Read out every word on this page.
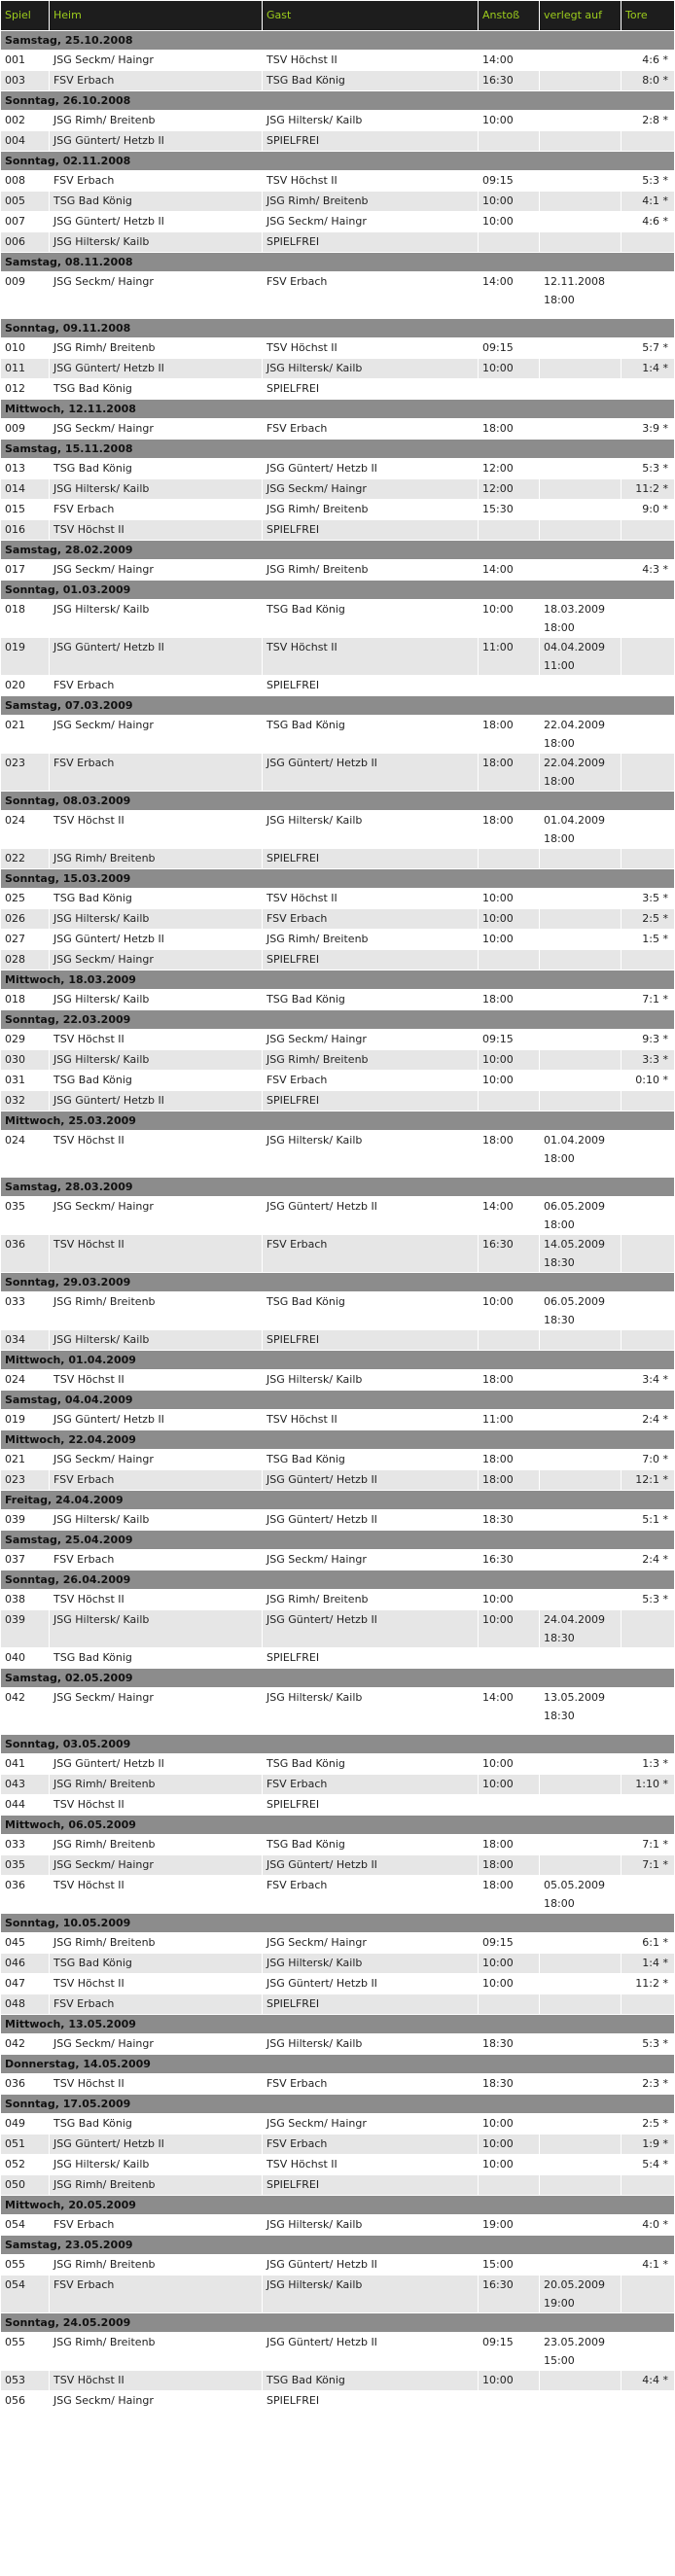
Spiel	Heim	Gast	Anstoß	verlegt auf	Tore
Samstag, 25.10.2008					
001	JSG Seckm/ Haingr	TSV Höchst II	14:00		4:6 *
003	FSV Erbach	TSG Bad König	16:30		8:0 *
Sonntag, 26.10.2008					
002	JSG Rimh/ Breitenb	JSG Hiltersk/ Kailb	10:00		2:8 *
004	JSG Güntert/ Hetzb II	SPIELFREI			
Sonntag, 02.11.2008					
008	FSV Erbach	TSV Höchst II	09:15		5:3 *
005	TSG Bad König	JSG Rimh/ Breitenb	10:00		4:1 *
007	JSG Güntert/ Hetzb II	JSG Seckm/ Haingr	10:00		4:6 *
006	JSG Hiltersk/ Kailb	SPIELFREI			
Samstag, 08.11.2008					
009	JSG Seckm/ Haingr	FSV Erbach	14:00	12.11.2008 18:00	

Sonntag, 09.11.2008					
010	JSG Rimh/ Breitenb	TSV Höchst II	09:15		5:7 *
011	JSG Güntert/ Hetzb II	JSG Hiltersk/ Kailb	10:00		1:4 *
012	TSG Bad König	SPIELFREI			
Mittwoch, 12.11.2008					
009	JSG Seckm/ Haingr	FSV Erbach	18:00		3:9 *
Samstag, 15.11.2008					
013	TSG Bad König	JSG Güntert/ Hetzb II	12:00		5:3 *
014	JSG Hiltersk/ Kailb	JSG Seckm/ Haingr	12:00		11:2 *
015	FSV Erbach	JSG Rimh/ Breitenb	15:30		9:0 *
016	TSV Höchst II	SPIELFREI			
Samstag, 28.02.2009					
017	JSG Seckm/ Haingr	JSG Rimh/ Breitenb	14:00		4:3 *
Sonntag, 01.03.2009					
018	JSG Hiltersk/ Kailb	TSG Bad König	10:00	18.03.2009 18:00	
019	JSG Güntert/ Hetzb II	TSV Höchst II	11:00	04.04.2009 11:00	
020	FSV Erbach	SPIELFREI			
Samstag, 07.03.2009					
021	JSG Seckm/ Haingr	TSG Bad König	18:00	22.04.2009 18:00	
023	FSV Erbach	JSG Güntert/ Hetzb II	18:00	22.04.2009 18:00	
Sonntag, 08.03.2009					
024	TSV Höchst II	JSG Hiltersk/ Kailb	18:00	01.04.2009 18:00	
022	JSG Rimh/ Breitenb	SPIELFREI			
Sonntag, 15.03.2009					
025	TSG Bad König	TSV Höchst II	10:00		3:5 *
026	JSG Hiltersk/ Kailb	FSV Erbach	10:00		2:5 *
027	JSG Güntert/ Hetzb II	JSG Rimh/ Breitenb	10:00		1:5 *
028	JSG Seckm/ Haingr	SPIELFREI			
Mittwoch, 18.03.2009					
018	JSG Hiltersk/ Kailb	TSG Bad König	18:00		7:1 *
Sonntag, 22.03.2009					
029	TSV Höchst II	JSG Seckm/ Haingr	09:15		9:3 *
030	JSG Hiltersk/ Kailb	JSG Rimh/ Breitenb	10:00		3:3 *
031	TSG Bad König	FSV Erbach	10:00		0:10 *
032	JSG Güntert/ Hetzb II	SPIELFREI			
Mittwoch, 25.03.2009					
024	TSV Höchst II	JSG Hiltersk/ Kailb	18:00	01.04.2009 18:00	

Samstag, 28.03.2009					
035	JSG Seckm/ Haingr	JSG Güntert/ Hetzb II	14:00	06.05.2009 18:00	
036	TSV Höchst II	FSV Erbach	16:30	14.05.2009 18:30	
Sonntag, 29.03.2009					
033	JSG Rimh/ Breitenb	TSG Bad König	10:00	06.05.2009 18:30	
034	JSG Hiltersk/ Kailb	SPIELFREI			
Mittwoch, 01.04.2009					
024	TSV Höchst II	JSG Hiltersk/ Kailb	18:00		3:4 *
Samstag, 04.04.2009					
019	JSG Güntert/ Hetzb II	TSV Höchst II	11:00		2:4 *
Mittwoch, 22.04.2009					
021	JSG Seckm/ Haingr	TSG Bad König	18:00		7:0 *
023	FSV Erbach	JSG Güntert/ Hetzb II	18:00		12:1 *
Freitag, 24.04.2009					
039	JSG Hiltersk/ Kailb	JSG Güntert/ Hetzb II	18:30		5:1 *
Samstag, 25.04.2009					
037	FSV Erbach	JSG Seckm/ Haingr	16:30		2:4 *
Sonntag, 26.04.2009					
038	TSV Höchst II	JSG Rimh/ Breitenb	10:00		5:3 *
039	JSG Hiltersk/ Kailb	JSG Güntert/ Hetzb II	10:00	24.04.2009 18:30	
040	TSG Bad König	SPIELFREI			
Samstag, 02.05.2009					
042	JSG Seckm/ Haingr	JSG Hiltersk/ Kailb	14:00	13.05.2009 18:30	

Sonntag, 03.05.2009					
041	JSG Güntert/ Hetzb II	TSG Bad König	10:00		1:3 *
043	JSG Rimh/ Breitenb	FSV Erbach	10:00		1:10 *
044	TSV Höchst II	SPIELFREI			
Mittwoch, 06.05.2009					
033	JSG Rimh/ Breitenb	TSG Bad König	18:00		7:1 *
035	JSG Seckm/ Haingr	JSG Güntert/ Hetzb II	18:00		7:1 *
036	TSV Höchst II	FSV Erbach	18:00	05.05.2009 18:00	
Sonntag, 10.05.2009					
045	JSG Rimh/ Breitenb	JSG Seckm/ Haingr	09:15		6:1 *
046	TSG Bad König	JSG Hiltersk/ Kailb	10:00		1:4 *
047	TSV Höchst II	JSG Güntert/ Hetzb II	10:00		11:2 *
048	FSV Erbach	SPIELFREI			
Mittwoch, 13.05.2009					
042	JSG Seckm/ Haingr	JSG Hiltersk/ Kailb	18:30		5:3 *
Donnerstag, 14.05.2009					
036	TSV Höchst II	FSV Erbach	18:30		2:3 *
Sonntag, 17.05.2009					
049	TSG Bad König	JSG Seckm/ Haingr	10:00		2:5 *
051	JSG Güntert/ Hetzb II	FSV Erbach	10:00		1:9 *
052	JSG Hiltersk/ Kailb	TSV Höchst II	10:00		5:4 *
050	JSG Rimh/ Breitenb	SPIELFREI			
Mittwoch, 20.05.2009					
054	FSV Erbach	JSG Hiltersk/ Kailb	19:00		4:0 *
Samstag, 23.05.2009					
055	JSG Rimh/ Breitenb	JSG Güntert/ Hetzb II	15:00		4:1 *
054	FSV Erbach	JSG Hiltersk/ Kailb	16:30	20.05.2009 19:00	
Sonntag, 24.05.2009					
055	JSG Rimh/ Breitenb	JSG Güntert/ Hetzb II	09:15	23.05.2009 15:00	
053	TSV Höchst II	TSG Bad König	10:00		4:4 *
056	JSG Seckm/ Haingr	SPIELFREI			
